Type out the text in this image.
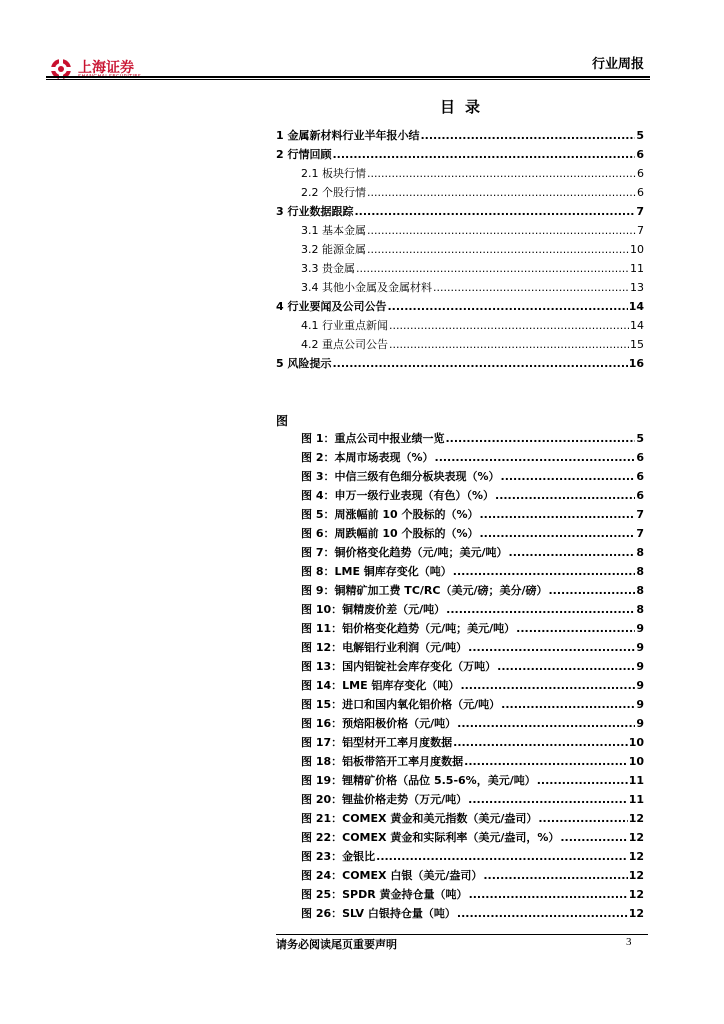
上海证券	行业周报
目录
1 金属新材料行业半年报小结 .....	5
2 行情回顾 .....	6
2.1 板块行情 .....	6
2.2 个股行情 .....	6
3 行业数据跟踪 .....	7
3.1 基本金属 .....	7
3.2 能源金属 .....	10
3.3 贵金属 .....	11
3.4 其他小金属及金属材料 .....	13
4 行业要闻及公司公告 .....	14
4.1 行业重点新闻 .....	14
4.2 重点公司公告 .....	15
5 风险提示 .....	16
图
图 1：重点公司中报业绩一览 .....	5
图 2：本周市场表现（%） .....	6
图 3：中信三级有色细分板块表现（%） .....	6
图 4：申万一级行业表现（有色）（%） .....	6
图 5：周涨幅前 10 个股标的（%） .....	7
图 6：周跌幅前 10 个股标的（%） .....	7
图 7：铜价格变化趋势（元/吨；美元/吨） .....	8
图 8：LME 铜库存变化（吨） .....	8
图 9：铜精矿加工费 TC/RC（美元/磅；美分/磅） .....	8
图 10：铜精废价差（元/吨） .....	8
图 11：铝价格变化趋势（元/吨；美元/吨） .....	9
图 12：电解铝行业利润（元/吨） .....	9
图 13：国内铝锭社会库存变化（万吨） .....	9
图 14：LME 铝库存变化（吨） .....	9
图 15：进口和国内氧化铝价格（元/吨） .....	9
图 16：预焙阳极价格（元/吨） .....	9
图 17：铝型材开工率月度数据 .....	10
图 18：铝板带箔开工率月度数据 .....	10
图 19：锂精矿价格（品位 5.5-6%，美元/吨） .....	11
图 20：锂盐价格走势（万元/吨） .....	11
图 21：COMEX 黄金和美元指数（美元/盎司） .....	12
图 22：COMEX 黄金和实际利率（美元/盎司，%） .....	12
图 23：金银比 .....	12
图 24：COMEX 白银（美元/盎司） .....	12
图 25：SPDR 黄金持仓量（吨） .....	12
图 26：SLV 白银持仓量（吨） .....	12
请务必阅读尾页重要声明	3
